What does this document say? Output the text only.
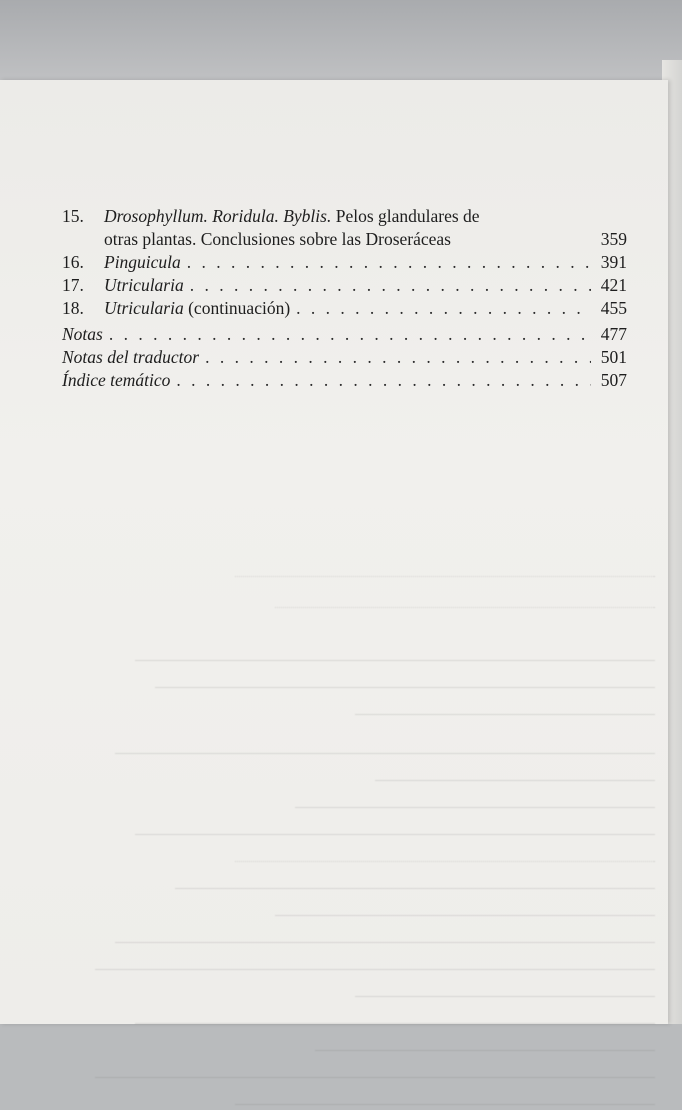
15.	Drosophyllum. Roridula. Byblis. Pelos glandulares de
otras plantas. Conclusiones sobre las Droseráceas	359
16.	Pinguicula . . .	391
17.	Utricularia . . .	421
18.	Utricularia (continuación) . . .	455
Notas . . .	477
Notas del traductor . . .	501
Índice temático . . .	507
